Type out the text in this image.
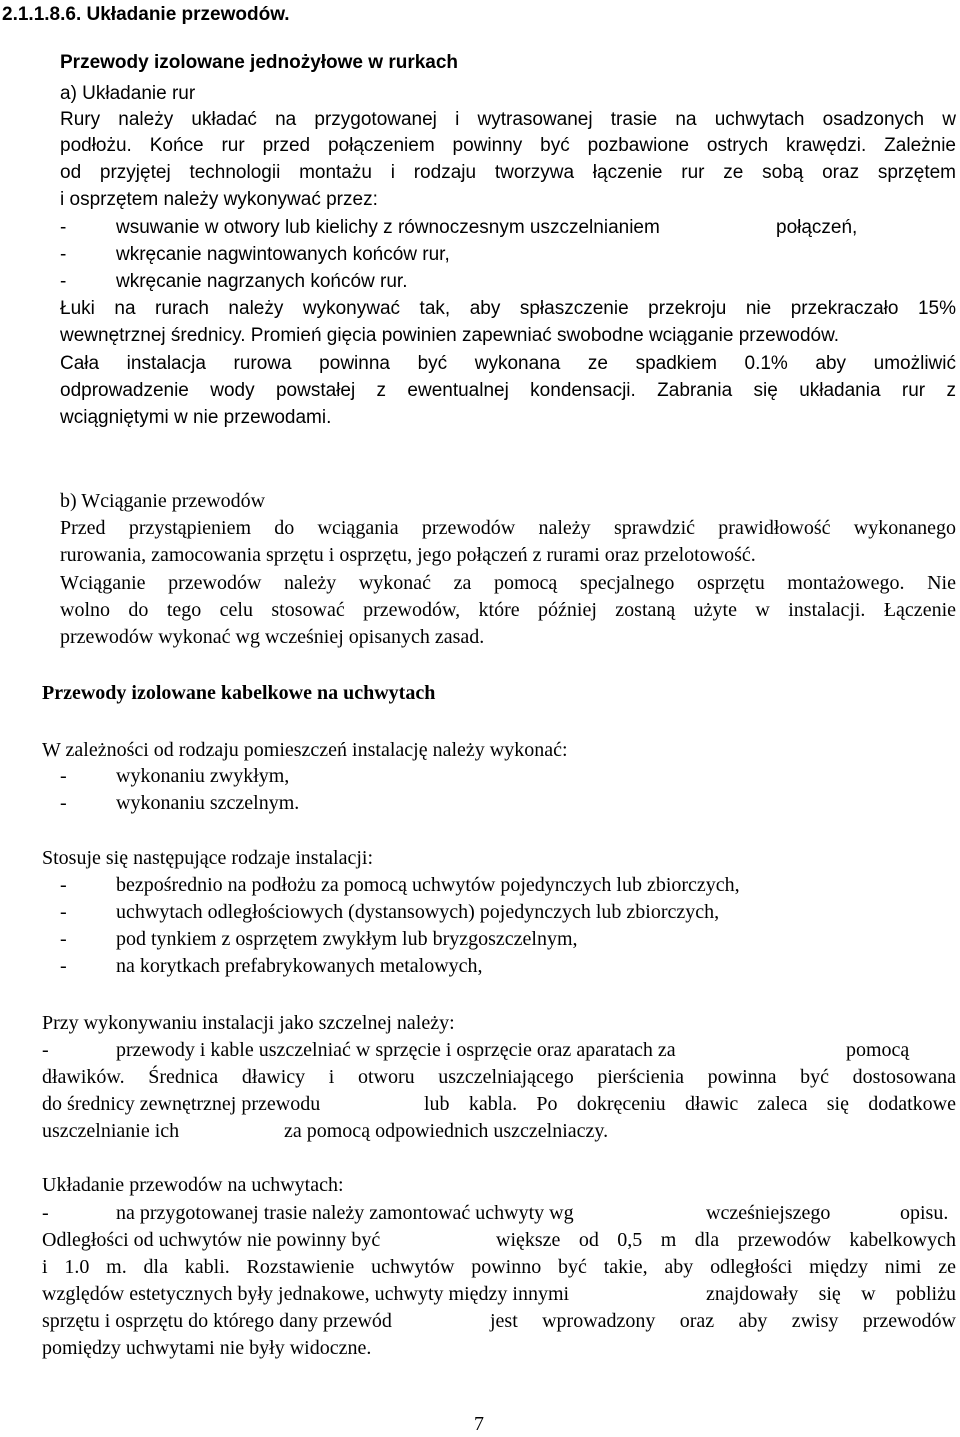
2.1.1.8.6. Układanie przewodów.
Przewody izolowane jednożyłowe w rurkach
a) Układanie rur
Rury należy układać na przygotowanej i wytrasowanej trasie na uchwytach osadzonych w
podłożu. Końce rur przed połączeniem powinny być pozbawione ostrych krawędzi. Zależnie
od przyjętej technologii montażu i rodzaju tworzywa łączenie rur ze sobą oraz sprzętem
i osprzętem należy wykonywać przez:
-	wsuwanie w otwory lub kielichy z równoczesnym uszczelnianiem	połączeń,
-	wkręcanie nagwintowanych końców rur,
-	wkręcanie nagrzanych końców rur.
Łuki na rurach należy wykonywać tak, aby spłaszczenie przekroju nie przekraczało 15%
wewnętrznej średnicy. Promień gięcia powinien zapewniać swobodne wciąganie przewodów.
Cała instalacja rurowa powinna być wykonana ze spadkiem 0.1% aby umożliwić
odprowadzenie wody powstałej z ewentualnej kondensacji. Zabrania się układania rur z
wciągniętymi w nie przewodami.
b) Wciąganie przewodów
Przed przystąpieniem do wciągania przewodów należy sprawdzić prawidłowość wykonanego
rurowania, zamocowania sprzętu i osprzętu, jego połączeń z rurami oraz przelotowość.
Wciąganie przewodów należy wykonać za pomocą specjalnego osprzętu montażowego. Nie
wolno do tego celu stosować przewodów, które później zostaną użyte w instalacji. Łączenie
przewodów wykonać wg wcześniej opisanych zasad.
Przewody izolowane kabelkowe na uchwytach
W zależności od rodzaju pomieszczeń instalację należy wykonać:
- wykonaniu zwykłym,
- wykonaniu szczelnym.
Stosuje się następujące rodzaje instalacji:
- bezpośrednio na podłożu za pomocą uchwytów pojedynczych lub zbiorczych,
- uchwytach odległościowych (dystansowych) pojedynczych lub zbiorczych,
- pod tynkiem z osprzętem zwykłym lub bryzgoszczelnym,
- na korytkach prefabrykowanych metalowych,
Przy wykonywaniu instalacji jako szczelnej należy:
-	przewody i kable uszczelniać w sprzęcie i osprzęcie oraz aparatach za	pomocą
dławików. Średnica dławicy i otworu uszczelniającego pierścienia powinna być dostosowana
do średnicy zewnętrznej przewodu	lub kabla. Po dokręceniu dławic zaleca się dodatkowe
uszczelnianie ich	za pomocą odpowiednich uszczelniaczy.
Układanie przewodów na uchwytach:
-	na przygotowanej trasie należy zamontować uchwyty wg	wcześniejszego	opisu.
Odległości od uchwytów nie powinny być	większe od 0,5 m dla przewodów kabelkowych
i 1.0 m. dla kabli. Rozstawienie uchwytów powinno być takie, aby odległości między nimi ze
względów estetycznych były jednakowe, uchwyty między innymi	znajdowały się w pobliżu
sprzętu i osprzętu do którego dany przewód	jest wprowadzony oraz aby zwisy przewodów
pomiędzy uchwytami nie były widoczne.
7
